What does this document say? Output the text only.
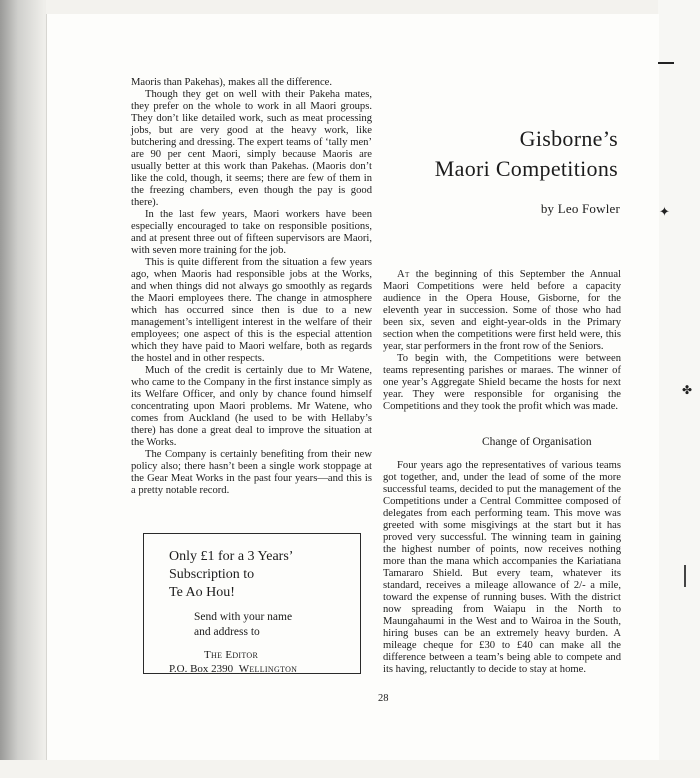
✦
✤

Maoris than Pakehas), makes all the difference.

Though they get on well with their Pakeha mates, they prefer on the whole to work in all Maori groups. They don’t like detailed work, such as meat processing jobs, but are very good at the heavy work, like butchering and dressing. The expert teams of ‘tally men’ are 90 per cent Maori, simply because Maoris are usually better at this work than Pakehas. (Maoris don’t like the cold, though, it seems; there are few of them in the freezing chambers, even though the pay is good there).

In the last few years, Maori workers have been especially encouraged to take on responsible positions, and at present three out of fifteen supervisors are Maori, with seven more training for the job.

This is quite different from the situation a few years ago, when Maoris had responsible jobs at the Works, and when things did not always go smoothly as regards the Maori employees there. The change in atmosphere which has occurred since then is due to a new management’s intelligent interest in the welfare of their employees; one aspect of this is the especial attention which they have paid to Maori welfare, both as regards the hostel and in other respects.

Much of the credit is certainly due to Mr Watene, who came to the Company in the first instance simply as its Welfare Officer, and only by chance found himself concentrating upon Maori problems. Mr Watene, who comes from Auckland (he used to be with Hellaby’s there) has done a great deal to improve the situation at the Works.

The Company is certainly benefiting from their new policy also; there hasn’t been a single work stoppage at the Gear Meat Works in the past four years—and this is a pretty notable record.

Gisborne’s
Maori Competitions
by Leo Fowler

At the beginning of this September the Annual Maori Competitions were held before a capacity audience in the Opera House, Gisborne, for the eleventh year in succession. Some of those who had been six, seven and eight-year-olds in the Primary section when the competitions were first held were, this year, star performers in the front row of the Seniors.

To begin with, the Competitions were between teams representing parishes or maraes. The winner of one year’s Aggregate Shield became the hosts for next year. They were responsible for organising the Competitions and they took the profit which was made.

Change of Organisation

Four years ago the representatives of various teams got together, and, under the lead of some of the more successful teams, decided to put the management of the Competitions under a Central Committee composed of delegates from each performing team. This move was greeted with some misgivings at the start but it has proved very successful. The winning team in gaining the highest number of points, now receives nothing more than the mana which accompanies the Kariatiana Tamararo Shield. But every team, whatever its standard, receives a mileage allowance of 2/- a mile, toward the expense of running buses. With the district now spreading from Waiapu in the North to Maungahaumi in the West and to Wairoa in the South, hiring buses can be an extremely heavy burden. A mileage cheque for £30 to £40 can make all the difference between a team’s being able to compete and its having, reluctantly to decide to stay at home.

Only £1 for a 3 Years’
Subscription to
Te Ao Hou!
Send with your name
and address to
The Editor
P.O. Box 2390 Wellington
28
